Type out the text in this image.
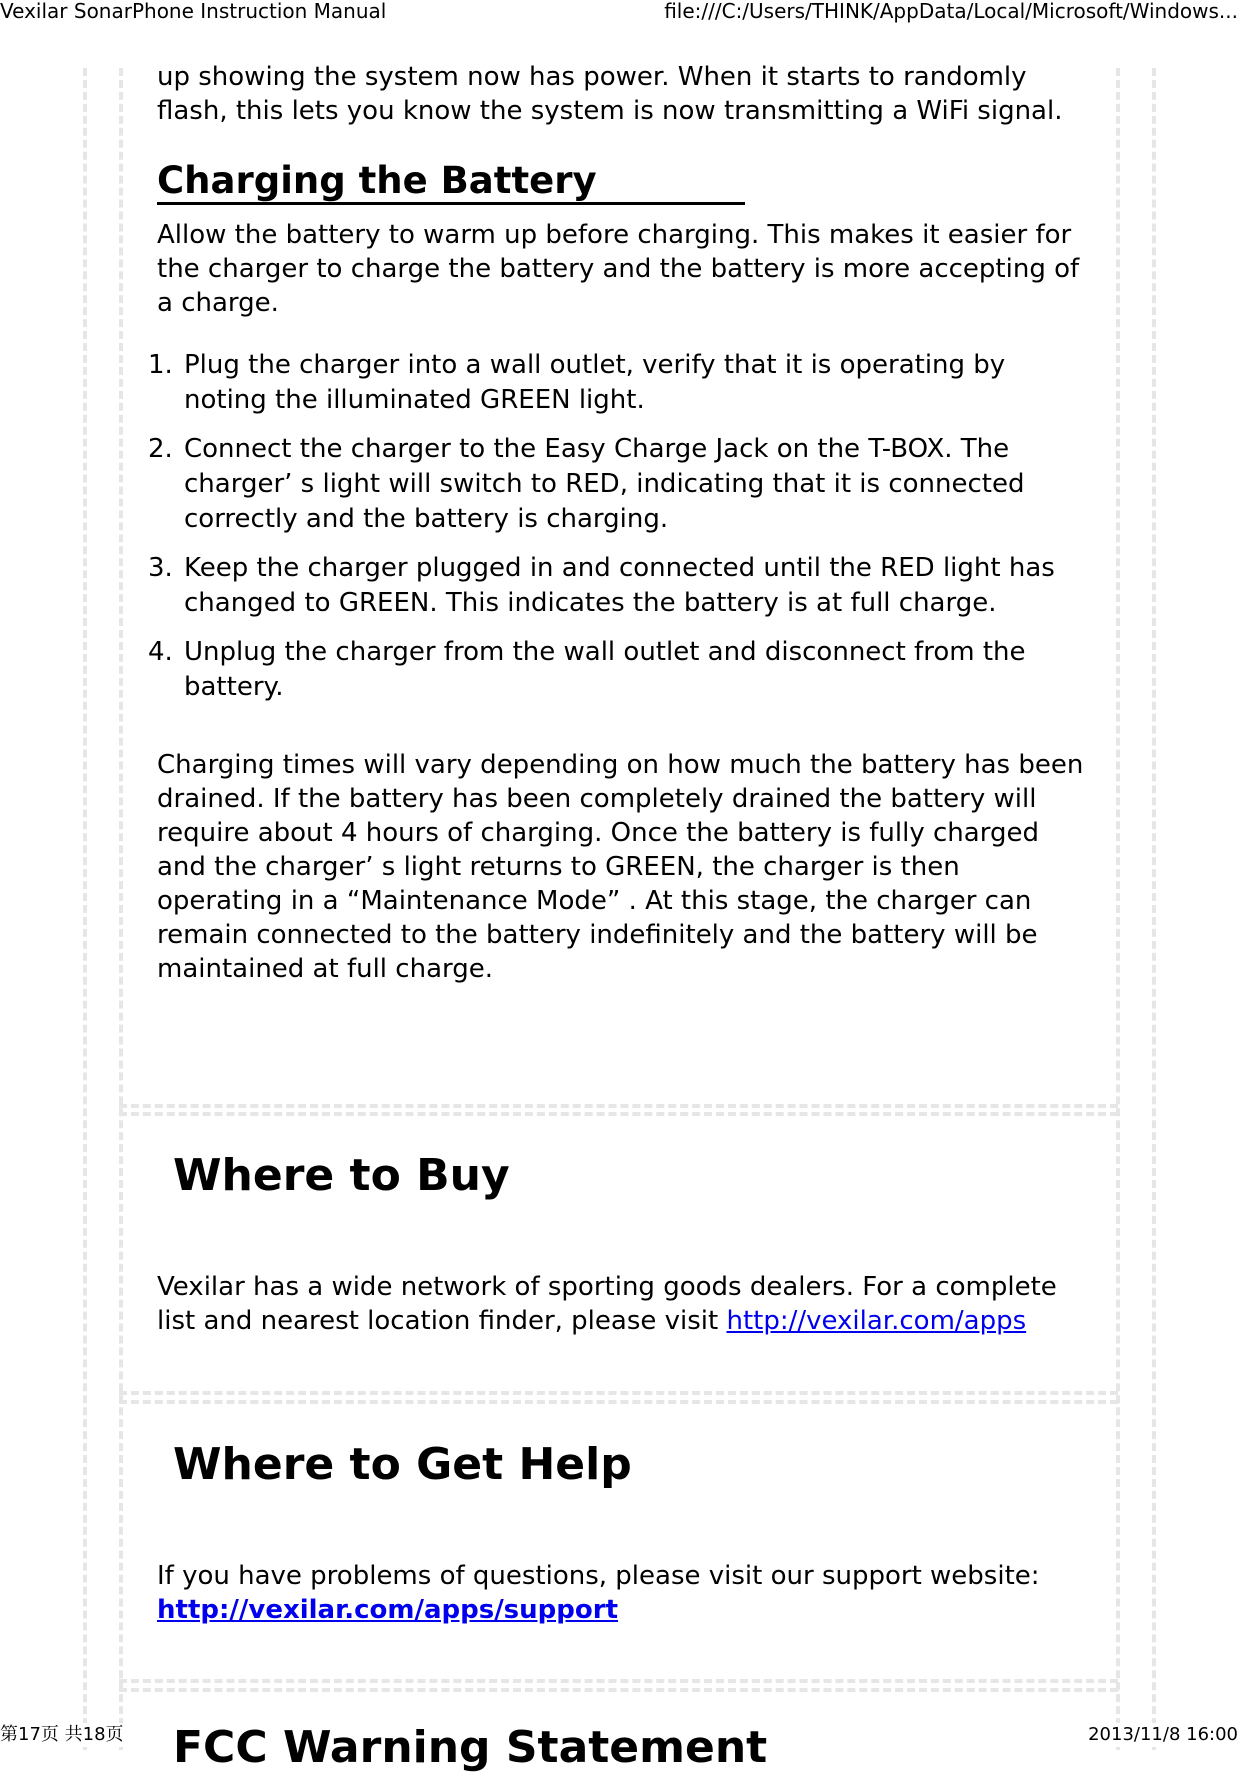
Vexilar SonarPhone Instruction Manual	file:///C:/Users/THINK/AppData/Local/Microsoft/Windows...
up showing the system now has power. When it starts to randomly
flash, this lets you know the system is now transmitting a WiFi signal.
Charging the Battery
Allow the battery to warm up before charging. This makes it easier for the charger to charge the battery and the battery is more accepting of a charge.
1. Plug the charger into a wall outlet, verify that it is operating by noting the illuminated GREEN light.
2. Connect the charger to the Easy Charge Jack on the T-BOX. The charger’ s light will switch to RED, indicating that it is connected correctly and the battery is charging.
3. Keep the charger plugged in and connected until the RED light has changed to GREEN. This indicates the battery is at full charge.
4. Unplug the charger from the wall outlet and disconnect from the battery.
Charging times will vary depending on how much the battery has been drained. If the battery has been completely drained the battery will require about 4 hours of charging. Once the battery is fully charged and the charger’ s light returns to GREEN, the charger is then operating in a “Maintenance Mode” . At this stage, the charger can remain connected to the battery indefinitely and the battery will be maintained at full charge.
Where to Buy
Vexilar has a wide network of sporting goods dealers. For a complete list and nearest location finder, please visit http://vexilar.com/apps
Where to Get Help
If you have problems of questions, please visit our support website:
http://vexilar.com/apps/support
FCC Warning Statement
第17页 共18页	2013/11/8 16:00
